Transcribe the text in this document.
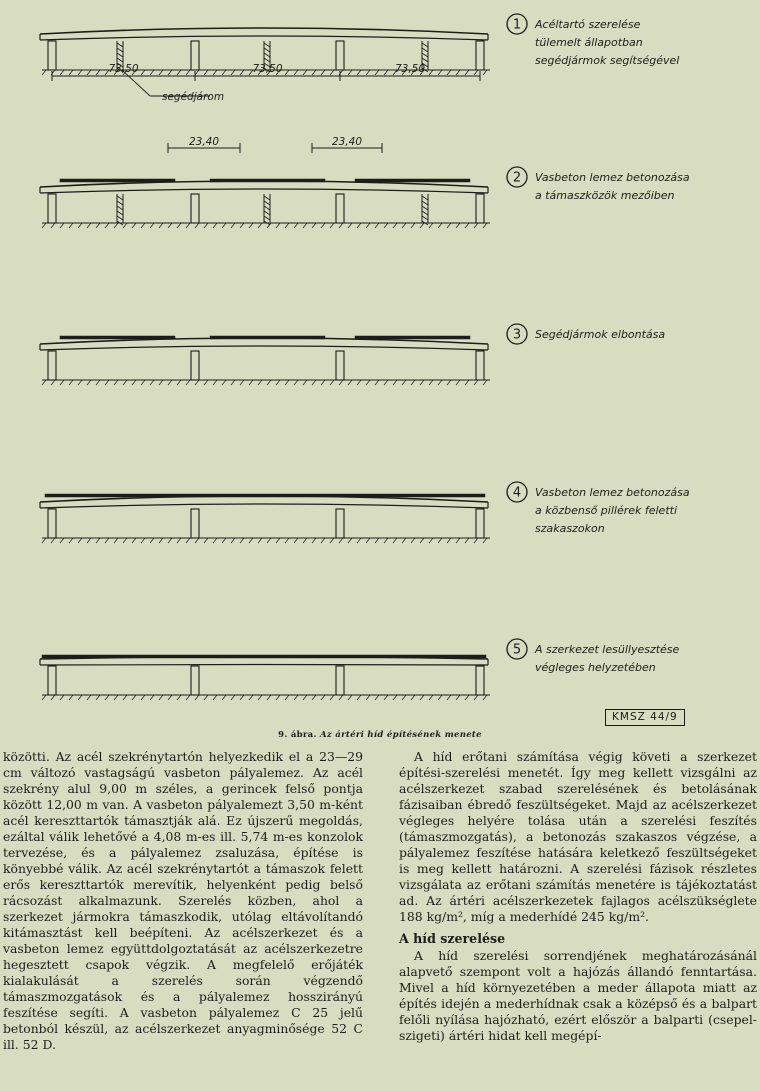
1 Acéltartó szerelése
tülemelt állapotban
segédjármok segítségével
2 Vasbeton lemez betonozása
a támaszközök mezőiben
3 Segédjármok elbontása
4 Vasbeton lemez betonozása
a közbenső pillérek feletti
szakaszokon
5 A szerkezet lesüllyesztése
végleges helyzetében
73,50	73,50	73,50
segédjárom
23,40	23,40
KMSZ 44/9
9. ábra. Az ártéri híd építésének menete

közötti. Az acél szekrénytartón helyezkedik el a 23—29 cm változó vastagságú vasbeton pályalemez. Az acél szekrény alul 9,00 m széles, a gerincek felső pontja között 12,00 m van. A vasbeton pályalemezt 3,50 m-ként acél kereszttartók támasztják alá. Ez újszerű megoldás, ezáltal válik lehetővé a 4,08 m-es ill. 5,74 m-es konzolok tervezése, és a pályalemez zsaluzása, építése is könyebbé válik. Az acél szekrénytartót a támaszok felett erős kereszttartók merevítik, helyenként pedig belső rácsozást alkalmazunk. Szerelés közben, ahol a szerkezet jármokra támaszkodik, utólag eltávolítandó kitámasztást kell beépíteni. Az acélszerkezet és a vasbeton lemez együttdolgoztatását az acélszerkezetre hegesztett csapok végzik. A megfelelő erőjáték kialakulását a szerelés során végzendő támaszmozgatások és a pályalemez hosszirányú feszítése segíti. A vasbeton pályalemez C 25 jelű betonból készül, az acélszerkezet anyagminősége 52 C ill. 52 D.

A híd erőtani számítása végig követi a szerkezet építési-szerelési menetét. Így meg kellett vizsgálni az acélszerkezet szabad szerelésének és betolásának fázisaiban ébredő feszültségeket. Majd az acélszerkezet végleges helyére tolása után a szerelési feszítés (támaszmozgatás), a betonozás szakaszos végzése, a pályalemez feszítése hatására keletkező feszültségeket is meg kellett határozni. A szerelési fázisok részletes vizsgálata az erőtani számítás menetére is tájékoztatást ad. Az ártéri acélszerkezetek fajlagos acélszükséglete 188 kg/m², míg a mederhídé 245 kg/m².

A híd szerelése

A híd szerelési sorrendjének meghatározásánál alapvető szempont volt a hajózás állandó fenntartása. Mivel a híd környezetében a meder állapota miatt az építés idején a mederhídnak csak a középső és a balpart felőli nyílása hajózható, ezért először a balparti (csepel-szigeti) ártéri hidat kell megépí-
